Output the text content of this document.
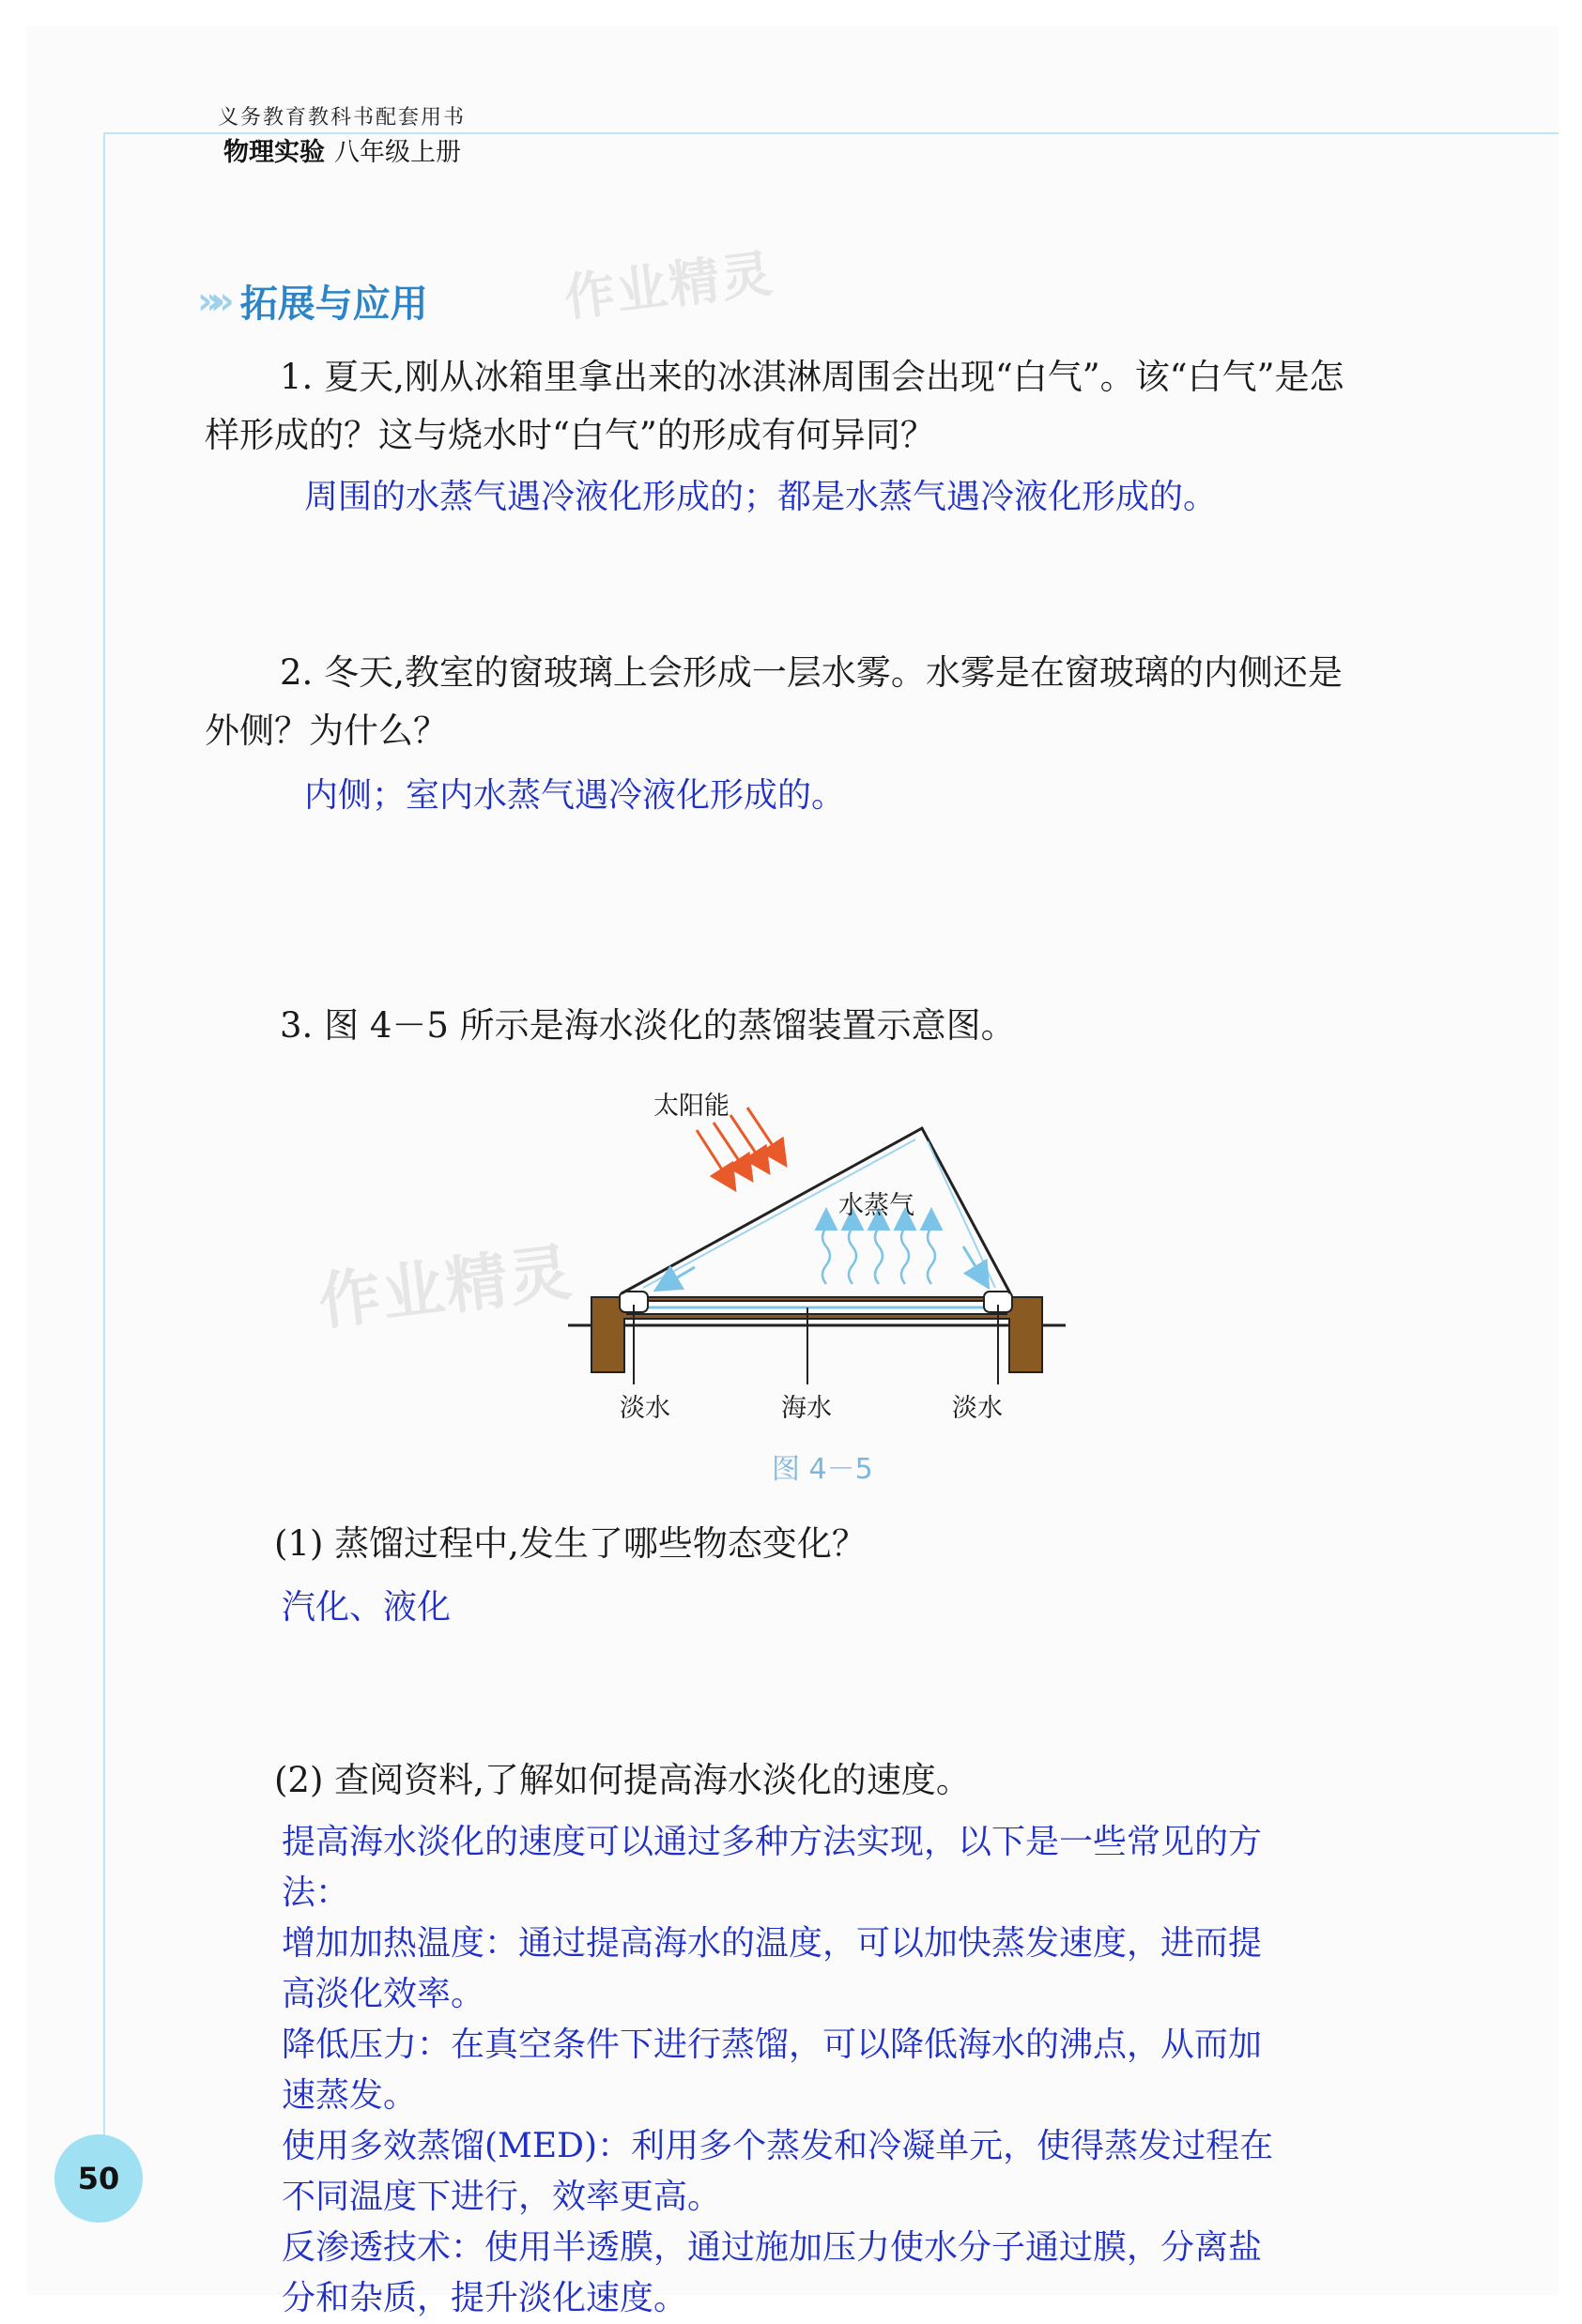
义务教育教科书配套用书
物理实验 八年级上册
»» 拓展与应用	作业精灵
1. 夏天,刚从冰箱里拿出来的冰淇淋周围会出现“白气”。该“白气”是怎
样形成的？这与烧水时“白气”的形成有何异同？
周围的水蒸气遇冷液化形成的；都是水蒸气遇冷液化形成的。
2. 冬天,教室的窗玻璃上会形成一层水雾。水雾是在窗玻璃的内侧还是
外侧？为什么？
内侧；室内水蒸气遇冷液化形成的。
3. 图 4－5 所示是海水淡化的蒸馏装置示意图。
太阳能
水蒸气
淡水	海水	淡水
图 4－5
作业精灵
(1) 蒸馏过程中,发生了哪些物态变化？
汽化、液化
(2) 查阅资料,了解如何提高海水淡化的速度。

提高海水淡化的速度可以通过多种方法实现，以下是一些常见的方

法：

增加加热温度：通过提高海水的温度，可以加快蒸发速度，进而提

高淡化效率。

降低压力：在真空条件下进行蒸馏，可以降低海水的沸点，从而加

速蒸发。

使用多效蒸馏(MED)：利用多个蒸发和冷凝单元，使得蒸发过程在

不同温度下进行，效率更高。

反渗透技术：使用半透膜，通过施加压力使水分子通过膜，分离盐

分和杂质，提升淡化速度。

50
